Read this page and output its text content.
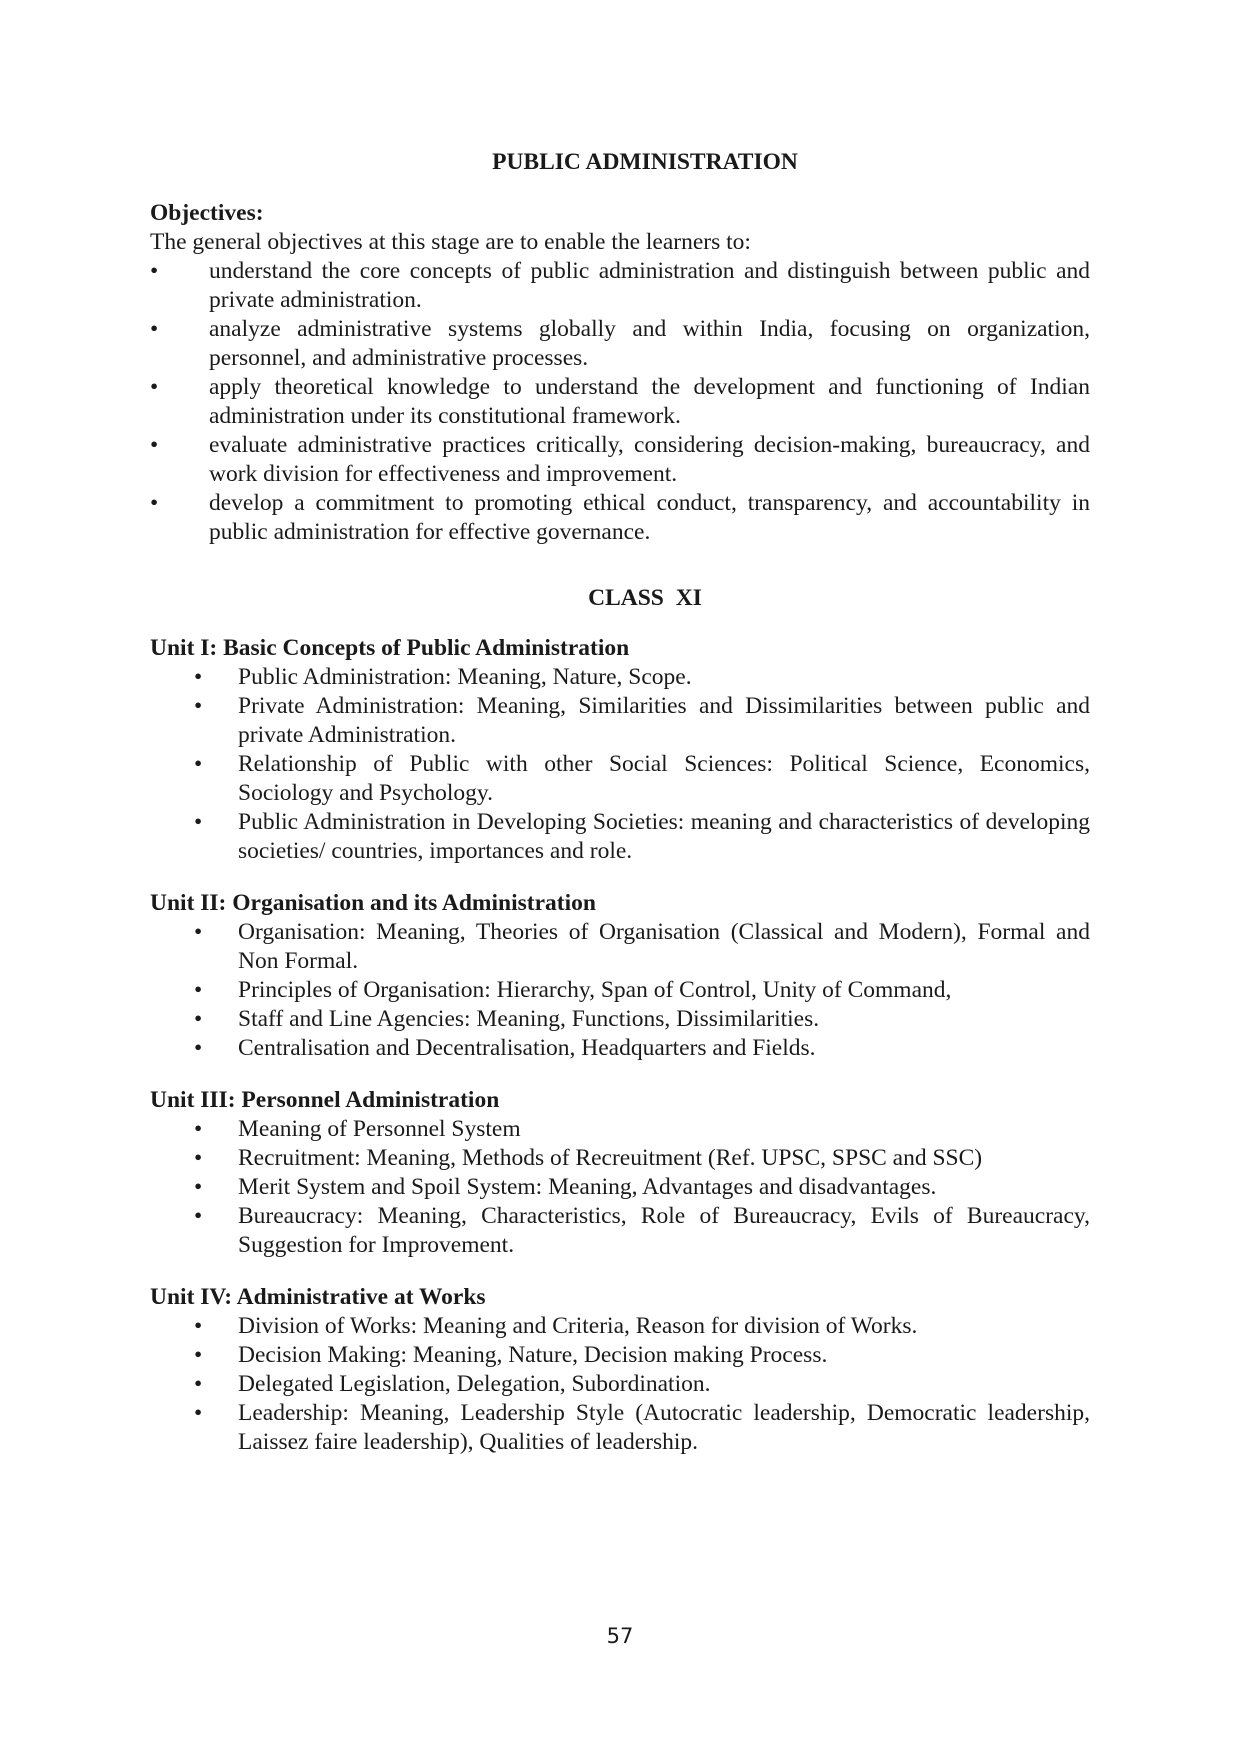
PUBLIC ADMINISTRATION

Objectives:

The general objectives at this stage are to enable the learners to:

• understand the core concepts of public administration and distinguish between public and private administration.
• analyze administrative systems globally and within India, focusing on organization, personnel, and administrative processes.
• apply theoretical knowledge to understand the development and functioning of Indian administration under its constitutional framework.
• evaluate administrative practices critically, considering decision-making, bureaucracy, and work division for effectiveness and improvement.
• develop a commitment to promoting ethical conduct, transparency, and accountability in public administration for effective governance.
CLASS XI

Unit I: Basic Concepts of Public Administration

• Public Administration: Meaning, Nature, Scope.
• Private Administration: Meaning, Similarities and Dissimilarities between public and private Administration.
• Relationship of Public with other Social Sciences: Political Science, Economics, Sociology and Psychology.
• Public Administration in Developing Societies: meaning and characteristics of developing societies/ countries, importances and role.

Unit II: Organisation and its Administration

• Organisation: Meaning, Theories of Organisation (Classical and Modern), Formal and Non Formal.
• Principles of Organisation: Hierarchy, Span of Control, Unity of Command,
• Staff and Line Agencies: Meaning, Functions, Dissimilarities.
• Centralisation and Decentralisation, Headquarters and Fields.

Unit III: Personnel Administration

• Meaning of Personnel System
• Recruitment: Meaning, Methods of Recreuitment (Ref. UPSC, SPSC and SSC)
• Merit System and Spoil System: Meaning, Advantages and disadvantages.
• Bureaucracy: Meaning, Characteristics, Role of Bureaucracy, Evils of Bureaucracy, Suggestion for Improvement.

Unit IV: Administrative at Works

• Division of Works: Meaning and Criteria, Reason for division of Works.
• Decision Making: Meaning, Nature, Decision making Process.
• Delegated Legislation, Delegation, Subordination.
• Leadership: Meaning, Leadership Style (Autocratic leadership, Democratic leadership, Laissez faire leadership), Qualities of leadership.
57
